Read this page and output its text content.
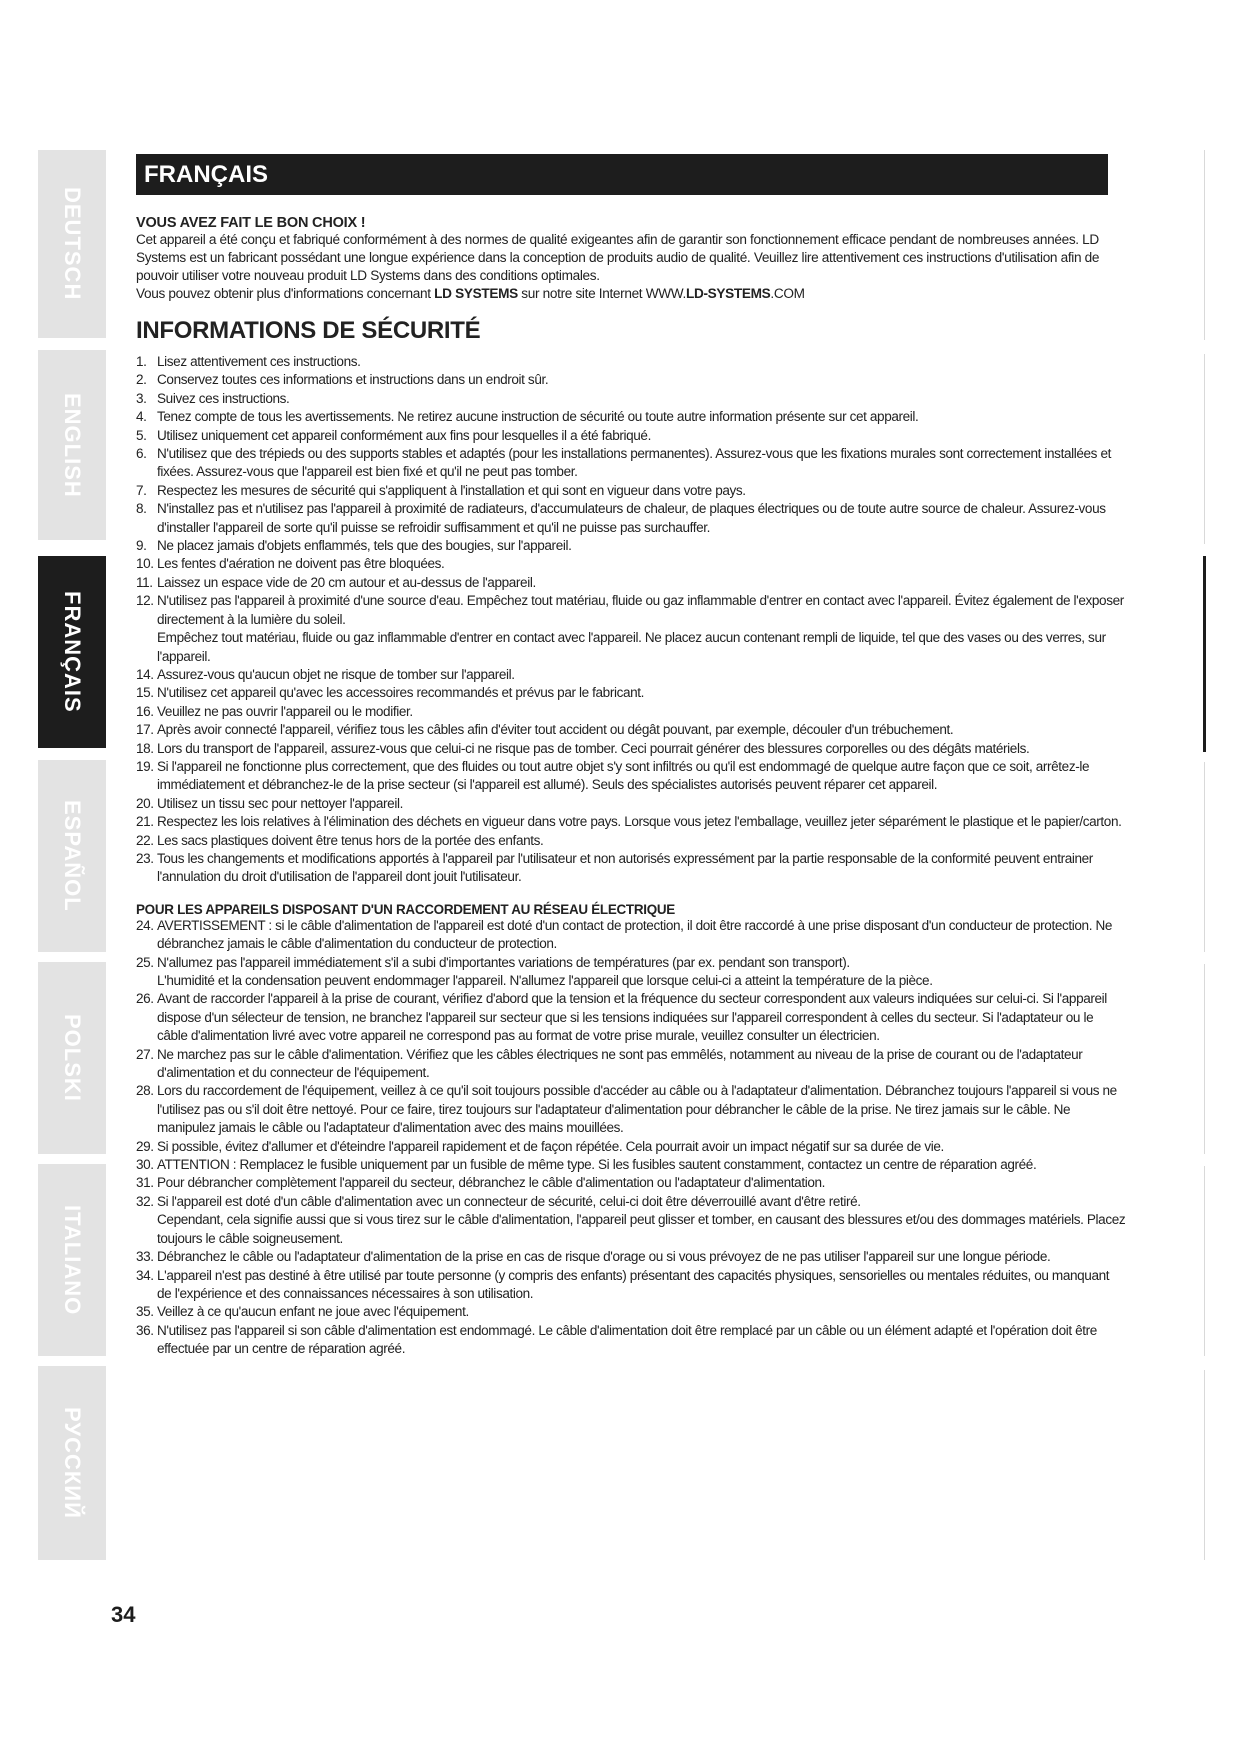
DEUTSCH
ENGLISH
FRANÇAIS
ESPAÑOL
POLSKI
ITALIANO
РУССКИЙ
FRANÇAIS
VOUS AVEZ FAIT LE BON CHOIX !
Cet appareil a été conçu et fabriqué conformément à des normes de qualité exigeantes afin de garantir son fonctionnement efficace pendant de nombreuses années. LD Systems est un fabricant possédant une longue expérience dans la conception de produits audio de qualité. Veuillez lire attentivement ces instructions d'utilisation afin de pouvoir utiliser votre nouveau produit LD Systems dans des conditions optimales.
Vous pouvez obtenir plus d'informations concernant LD SYSTEMS sur notre site Internet WWW.LD-SYSTEMS.COM
INFORMATIONS DE SÉCURITÉ
1. Lisez attentivement ces instructions.
2. Conservez toutes ces informations et instructions dans un endroit sûr.
3. Suivez ces instructions.
4. Tenez compte de tous les avertissements. Ne retirez aucune instruction de sécurité ou toute autre information présente sur cet appareil.
5. Utilisez uniquement cet appareil conformément aux fins pour lesquelles il a été fabriqué.
6. N'utilisez que des trépieds ou des supports stables et adaptés (pour les installations permanentes). Assurez-vous que les fixations murales sont correctement installées et fixées. Assurez-vous que l'appareil est bien fixé et qu'il ne peut pas tomber.
7. Respectez les mesures de sécurité qui s'appliquent à l'installation et qui sont en vigueur dans votre pays.
8. N'installez pas et n'utilisez pas l'appareil à proximité de radiateurs, d'accumulateurs de chaleur, de plaques électriques ou de toute autre source de chaleur. Assurez-vous d'installer l'appareil de sorte qu'il puisse se refroidir suffisamment et qu'il ne puisse pas surchauffer.
9. Ne placez jamais d'objets enflammés, tels que des bougies, sur l'appareil.
10. Les fentes d'aération ne doivent pas être bloquées.
11. Laissez un espace vide de 20 cm autour et au-dessus de l'appareil.
12. N'utilisez pas l'appareil à proximité d'une source d'eau. Empêchez tout matériau, fluide ou gaz inflammable d'entrer en contact avec l'appareil. Évitez également de l'exposer directement à la lumière du soleil.
Empêchez tout matériau, fluide ou gaz inflammable d'entrer en contact avec l'appareil. Ne placez aucun contenant rempli de liquide, tel que des vases ou des verres, sur l'appareil.
14. Assurez-vous qu'aucun objet ne risque de tomber sur l'appareil.
15. N'utilisez cet appareil qu'avec les accessoires recommandés et prévus par le fabricant.
16. Veuillez ne pas ouvrir l'appareil ou le modifier.
17. Après avoir connecté l'appareil, vérifiez tous les câbles afin d'éviter tout accident ou dégât pouvant, par exemple, découler d'un trébuchement.
18. Lors du transport de l'appareil, assurez-vous que celui-ci ne risque pas de tomber. Ceci pourrait générer des blessures corporelles ou des dégâts matériels.
19. Si l'appareil ne fonctionne plus correctement, que des fluides ou tout autre objet s'y sont infiltrés ou qu'il est endommagé de quelque autre façon que ce soit, arrêtez-le immédiatement et débranchez-le de la prise secteur (si l'appareil est allumé). Seuls des spécialistes autorisés peuvent réparer cet appareil.
20. Utilisez un tissu sec pour nettoyer l'appareil.
21. Respectez les lois relatives à l'élimination des déchets en vigueur dans votre pays. Lorsque vous jetez l'emballage, veuillez jeter séparément le plastique et le papier/carton.
22. Les sacs plastiques doivent être tenus hors de la portée des enfants.
23. Tous les changements et modifications apportés à l'appareil par l'utilisateur et non autorisés expressément par la partie responsable de la conformité peuvent entrainer l'annulation du droit d'utilisation de l'appareil dont jouit l'utilisateur.
POUR LES APPAREILS DISPOSANT D'UN RACCORDEMENT AU RÉSEAU ÉLECTRIQUE
24. AVERTISSEMENT : si le câble d'alimentation de l'appareil est doté d'un contact de protection, il doit être raccordé à une prise disposant d'un conducteur de protection. Ne débranchez jamais le câble d'alimentation du conducteur de protection.
25. N'allumez pas l'appareil immédiatement s'il a subi d'importantes variations de températures (par ex. pendant son transport).
L'humidité et la condensation peuvent endommager l'appareil. N'allumez l'appareil que lorsque celui-ci a atteint la température de la pièce.
26. Avant de raccorder l'appareil à la prise de courant, vérifiez d'abord que la tension et la fréquence du secteur correspondent aux valeurs indiquées sur celui-ci. Si l'appareil dispose d'un sélecteur de tension, ne branchez l'appareil sur secteur que si les tensions indiquées sur l'appareil correspondent à celles du secteur. Si l'adaptateur ou le câble d'alimentation livré avec votre appareil ne correspond pas au format de votre prise murale, veuillez consulter un électricien.
27. Ne marchez pas sur le câble d'alimentation. Vérifiez que les câbles électriques ne sont pas emmêlés, notamment au niveau de la prise de courant ou de l'adaptateur d'alimentation et du connecteur de l'équipement.
28. Lors du raccordement de l'équipement, veillez à ce qu'il soit toujours possible d'accéder au câble ou à l'adaptateur d'alimentation. Débranchez toujours l'appareil si vous ne l'utilisez pas ou s'il doit être nettoyé. Pour ce faire, tirez toujours sur l'adaptateur d'alimentation pour débrancher le câble de la prise. Ne tirez jamais sur le câble. Ne manipulez jamais le câble ou l'adaptateur d'alimentation avec des mains mouillées.
29. Si possible, évitez d'allumer et d'éteindre l'appareil rapidement et de façon répétée. Cela pourrait avoir un impact négatif sur sa durée de vie.
30. ATTENTION : Remplacez le fusible uniquement par un fusible de même type. Si les fusibles sautent constamment, contactez un centre de réparation agréé.
31. Pour débrancher complètement l'appareil du secteur, débranchez le câble d'alimentation ou l'adaptateur d'alimentation.
32. Si l'appareil est doté d'un câble d'alimentation avec un connecteur de sécurité, celui-ci doit être déverrouillé avant d'être retiré.
Cependant, cela signifie aussi que si vous tirez sur le câble d'alimentation, l'appareil peut glisser et tomber, en causant des blessures et/ou des dommages matériels. Placez toujours le câble soigneusement.
33. Débranchez le câble ou l'adaptateur d'alimentation de la prise en cas de risque d'orage ou si vous prévoyez de ne pas utiliser l'appareil sur une longue période.
34. L'appareil n'est pas destiné à être utilisé par toute personne (y compris des enfants) présentant des capacités physiques, sensorielles ou mentales réduites, ou manquant de l'expérience et des connaissances nécessaires à son utilisation.
35. Veillez à ce qu'aucun enfant ne joue avec l'équipement.
36. N'utilisez pas l'appareil si son câble d'alimentation est endommagé. Le câble d'alimentation doit être remplacé par un câble ou un élément adapté et l'opération doit être effectuée par un centre de réparation agréé.
34
